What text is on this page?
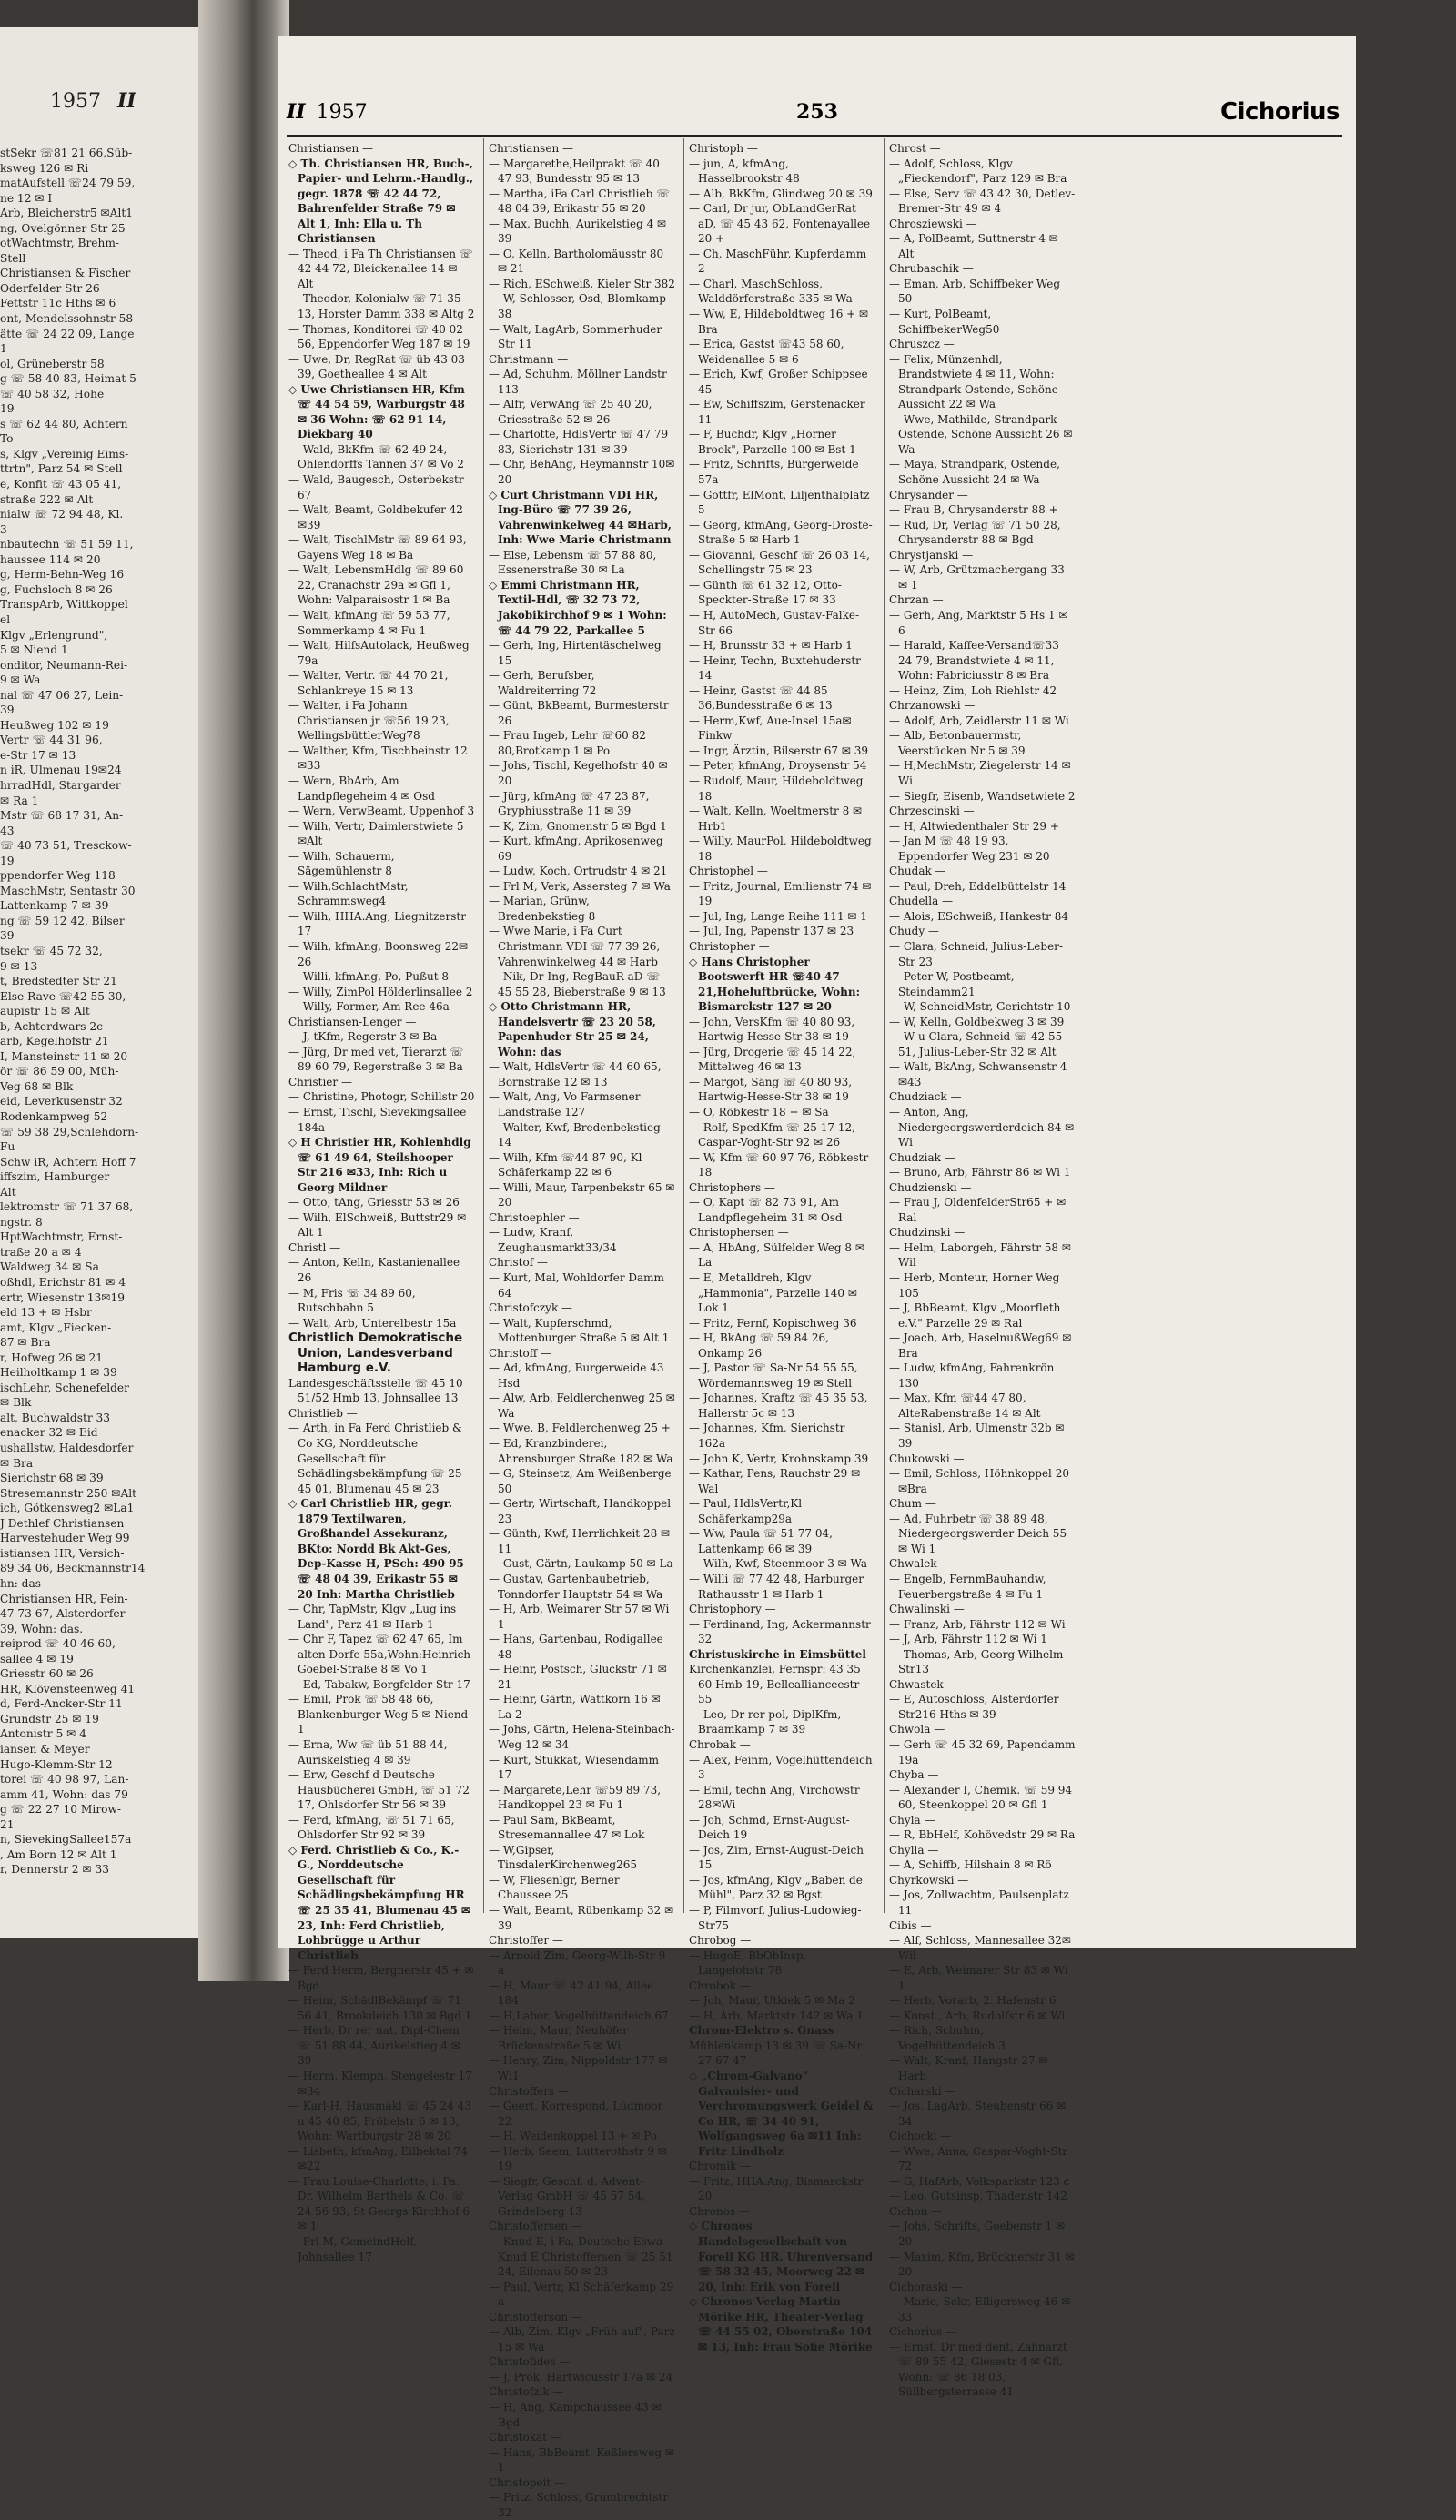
1957 II
stSekr ☏81 21 66,Süb-
ksweg 126 ✉ Ri
matAufstell ☏24 79 59,
ne 12 ✉ I
Arb, Bleicherstr5 ✉Alt1
ng, Ovelgönner Str 25
otWachtmstr, Brehm-
Stell
Christiansen & Fischer
Oderfelder Str 26
Fettstr 11c Hths ✉ 6
ont, Mendelssohnstr 58
ätte ☏ 24 22 09, Lange
1
ol, Grüneberstr 58
g ☏ 58 40 83, Heimat 5
☏ 40 58 32, Hohe
19
s ☏ 62 44 80, Achtern
To
s, Klgv „Vereinig Eims-
ttrtn", Parz 54 ✉ Stell
e, Konfit ☏ 43 05 41,
straße 222 ✉ Alt
nialw ☏ 72 94 48, Kl.
3
nbautechn ☏ 51 59 11,
haussee 114 ✉ 20
g, Herm-Behn-Weg 16
g, Fuchsloch 8 ✉ 26
TranspArb, Wittkoppel
el
Klgv „Erlengrund",
5 ✉ Niend 1
onditor, Neumann-Rei-
9 ✉ Wa
nal ☏ 47 06 27, Lein-
39
Heußweg 102 ✉ 19
Vertr ☏ 44 31 96,
e-Str 17 ✉ 13
n iR, Ulmenau 19✉24
hrradHdl, Stargarder
✉ Ra 1
Mstr ☏ 68 17 31, An-
43
☏ 40 73 51, Tresckow-
19
ppendorfer Weg 118
MaschMstr, Sentastr 30
Lattenkamp 7 ✉ 39
ng ☏ 59 12 42, Bilser
39
tsekr ☏ 45 72 32,
9 ✉ 13
t, Bredstedter Str 21
Else Rave ☏42 55 30,
aupistr 15 ✉ Alt
b, Achterdwars 2c
arb, Kegelhofstr 21
I, Mansteinstr 11 ✉ 20
ör ☏ 86 59 00, Müh-
Veg 68 ✉ Blk
eid, Leverkusenstr 32
Rodenkampweg 52
☏ 59 38 29,Schlehdorn-
Fu
Schw iR, Achtern Hoff 7
iffszim, Hamburger
Alt
lektromstr ☏ 71 37 68,
ngstr. 8
HptWachtmstr, Ernst-
traße 20 a ✉ 4
Waldweg 34 ✉ Sa
oßhdl, Erichstr 81 ✉ 4
ertr, Wiesenstr 13✉19
eld 13 + ✉ Hsbr
amt, Klgv „Fiecken-
87 ✉ Bra
r, Hofweg 26 ✉ 21
Heilholtkamp 1 ✉ 39
ischLehr, Schenefelder
✉ Blk
alt, Buchwaldstr 33
enacker 32 ✉ Eid
ushallstw, Haldesdorfer
✉ Bra
Sierichstr 68 ✉ 39
Stresemannstr 250 ✉Alt
ich, Götkensweg2 ✉La1
J Dethlef Christiansen
Harvestehuder Weg 99
istiansen HR, Versich-
89 34 06, Beckmannstr14
hn: das
Christiansen HR, Fein-
47 73 67, Alsterdorfer
39, Wohn: das.
reiprod ☏ 40 46 60,
sallee 4 ✉ 19
Griesstr 60 ✉ 26
HR, Klövensteenweg 41
d, Ferd-Ancker-Str 11
Grundstr 25 ✉ 19
Antonistr 5 ✉ 4
iansen & Meyer
Hugo-Klemm-Str 12
torei ☏ 40 98 97, Lan-
amm 41, Wohn: das 79
g ☏ 22 27 10 Mirow-
21
n, SievekingSallee157a
, Am Born 12 ✉ Alt 1
r, Dennerstr 2 ✉ 33
II 1957	253	Cichorius
Christiansen —
◇ Th. Christiansen HR, Buch-, Papier- und Lehrm.-Handlg., gegr. 1878 ☏ 42 44 72, Bahrenfelder Straße 79 ✉ Alt 1, Inh: Ella u. Th Christiansen
— Theod, i Fa Th Christiansen ☏ 42 44 72, Bleickenallee 14 ✉ Alt
— Theodor, Kolonialw ☏ 71 35 13, Horster Damm 338 ✉ Altg 2
— Thomas, Konditorei ☏ 40 02 56, Eppendorfer Weg 187 ✉ 19
— Uwe, Dr, RegRat ☏ üb 43 03 39, Goetheallee 4 ✉ Alt
◇ Uwe Christiansen HR, Kfm ☏ 44 54 59, Warburgstr 48 ✉ 36 Wohn: ☏ 62 91 14, Diekbarg 40
— Wald, BkKfm ☏ 62 49 24, Ohlendorffs Tannen 37 ✉ Vo 2
— Wald, Baugesch, Osterbekstr 67
— Walt, Beamt, Goldbekufer 42 ✉39
— Walt, TischlMstr ☏ 89 64 93, Gayens Weg 18 ✉ Ba
— Walt, LebensmHdlg ☏ 89 60 22, Cranachstr 29a ✉ Gfl 1, Wohn: Valparaisostr 1 ✉ Ba
— Walt, kfmAng ☏ 59 53 77, Sommerkamp 4 ✉ Fu 1
— Walt, HilfsAutolack, Heußweg 79a
— Walter, Vertr. ☏ 44 70 21, Schlankreye 15 ✉ 13
— Walter, i Fa Johann Christiansen jr ☏56 19 23, WellingsbüttlerWeg78
— Walther, Kfm, Tischbeinstr 12✉33
— Wern, BbArb, Am Landpflegeheim 4 ✉ Osd
— Wern, VerwBeamt, Uppenhof 3
— Wilh, Vertr, Daimlerstwiete 5 ✉Alt
— Wilh, Schauerm, Sägemühlenstr 8
— Wilh,SchlachtMstr, Schrammsweg4
— Wilh, HHA.Ang, Liegnitzerstr 17
— Wilh, kfmAng, Boonsweg 22✉26
— Willi, kfmAng, Po, Pußut 8
— Willy, ZimPol Hölderlinsallee 2
— Willy, Former, Am Ree 46a
Christiansen-Lenger —
— J, tKfm, Regerstr 3 ✉ Ba
— Jürg, Dr med vet, Tierarzt ☏ 89 60 79, Regerstraße 3 ✉ Ba
Christier —
— Christine, Photogr, Schillstr 20
— Ernst, Tischl, Sievekingsallee 184a
◇ H Christier HR, Kohlenhdlg ☏ 61 49 64, Steilshooper Str 216 ✉33, Inh: Rich u Georg Mildner
— Otto, tAng, Griesstr 53 ✉ 26
— Wilh, ElSchweiß, Buttstr29 ✉Alt 1
Christl —
— Anton, Kelln, Kastanienallee 26
— M, Fris ☏ 34 89 60, Rutschbahn 5
— Walt, Arb, Unterelbestr 15a
Christlich Demokratische Union, Landesverband Hamburg e.V.
Landesgeschäftsstelle ☏ 45 10 51/52 Hmb 13, Johnsallee 13
Christlieb —
— Arth, in Fa Ferd Christlieb & Co KG, Norddeutsche Gesellschaft für Schädlingsbekämpfung ☏ 25 45 01, Blumenau 45 ✉ 23
◇ Carl Christlieb HR, gegr. 1879 Textilwaren, Großhandel Assekuranz, BKto: Nordd Bk Akt-Ges, Dep-Kasse H, PSch: 490 95 ☏ 48 04 39, Erikastr 55 ✉ 20 Inh: Martha Christlieb
— Chr, TapMstr, Klgv „Lug ins Land", Parz 41 ✉ Harb 1
— Chr F, Tapez ☏ 62 47 65, Im alten Dorfe 55a,Wohn:Heinrich-Goebel-Straße 8 ✉ Vo 1
— Ed, Tabakw, Borgfelder Str 17
— Emil, Prok ☏ 58 48 66, Blankenburger Weg 5 ✉ Niend 1
— Erna, Ww ☏ üb 51 88 44, Auriskelstieg 4 ✉ 39
— Erw, Geschf d Deutsche Hausbücherei GmbH, ☏ 51 72 17, Ohlsdorfer Str 56 ✉ 39
— Ferd, kfmAng, ☏ 51 71 65, Ohlsdorfer Str 92 ✉ 39
◇ Ferd. Christlieb & Co., K.-G., Norddeutsche Gesellschaft für Schädlingsbekämpfung HR ☏ 25 35 41, Blumenau 45 ✉ 23, Inh: Ferd Christlieb, Lohbrügge u Arthur Christlieb
— Ferd Herm, Bergnerstr 45 + ✉Bgd
— Heinr, SchädlBekämpf ☏ 71 56 41, Brookdeich 130 ✉ Bgd 1
— Herb, Dr rer nat, Dipl-Chem ☏ 51 88 44, Aurikelstieg 4 ✉ 39
— Herm, Klempn, Stengelestr 17 ✉34
— Karl-H, Hausmakl ☏ 45 24 43 u 45 40 85, Fröbelstr 6 ✉ 13, Wohn: Wartburgstr 28 ✉ 20
— Lisbeth, kfmAng, Eilbektal 74✉22
— Frau Louise-Charlotte, i. Fa. Dr. Wilhelm Barthels & Co. ☏ 24 56 93, St Georgs Kirchhof 6 ✉ 1
— Frl M, GemeindHelf, Johnsallee 17
Christiansen —
— Margarethe,Heilprakt ☏ 40 47 93, Bundesstr 95 ✉ 13
— Martha, iFa Carl Christlieb ☏ 48 04 39, Erikastr 55 ✉ 20
— Max, Buchh, Aurikelstieg 4 ✉ 39
— O, Kelln, Bartholomäusstr 80 ✉ 21
— Rich, ESchweiß, Kieler Str 382
— W, Schlosser, Osd, Blomkamp 38
— Walt, LagArb, Sommerhuder Str 11
Christmann —
— Ad, Schuhm, Möllner Landstr 113
— Alfr, VerwAng ☏ 25 40 20, Griesstraße 52 ✉ 26
— Charlotte, HdlsVertr ☏ 47 79 83, Sierichstr 131 ✉ 39
— Chr, BehAng, Heymannstr 10✉20
◇ Curt Christmann VDI HR, Ing-Büro ☏ 77 39 26, Vahrenwinkelweg 44 ✉Harb, Inh: Wwe Marie Christmann
— Else, Lebensm ☏ 57 88 80, Essenerstraße 30 ✉ La
◇ Emmi Christmann HR, Textil-Hdl, ☏ 32 73 72, Jakobikirchhof 9 ✉ 1 Wohn: ☏ 44 79 22, Parkallee 5
— Gerh, Ing, Hirtentäschelweg 15
— Gerh, Berufsber, Waldreiterring 72
— Günt, BkBeamt, Burmesterstr 26
— Frau Ingeb, Lehr ☏60 82 80,Brotkamp 1 ✉ Po
— Johs, Tischl, Kegelhofstr 40 ✉ 20
— Jürg, kfmAng ☏ 47 23 87, Gryphiusstraße 11 ✉ 39
— K, Zim, Gnomenstr 5 ✉ Bgd 1
— Kurt, kfmAng, Aprikosenweg 69
— Ludw, Koch, Ortrudstr 4 ✉ 21
— Frl M, Verk, Assersteg 7 ✉ Wa
— Marian, Grünw, Bredenbekstieg 8
— Wwe Marie, i Fa Curt Christmann VDI ☏ 77 39 26, Vahrenwinkelweg 44 ✉ Harb
— Nik, Dr-Ing, RegBauR aD ☏ 45 55 28, Bieberstraße 9 ✉ 13
◇ Otto Christmann HR, Handelsvertr ☏ 23 20 58, Papenhuder Str 25 ✉ 24, Wohn: das
— Walt, HdlsVertr ☏ 44 60 65, Bornstraße 12 ✉ 13
— Walt, Ang, Vo Farmsener Landstraße 127
— Walter, Kwf, Bredenbekstieg 14
— Wilh, Kfm ☏44 87 90, Kl Schäferkamp 22 ✉ 6
— Willi, Maur, Tarpenbekstr 65 ✉20
Christoephler —
— Ludw, Kranf, Zeughausmarkt33/34
Christof —
— Kurt, Mal, Wohldorfer Damm 64
Christofczyk —
— Walt, Kupferschmd, Mottenburger Straße 5 ✉ Alt 1
Christoff —
— Ad, kfmAng, Burgerweide 43 Hsd
— Alw, Arb, Feldlerchenweg 25 ✉Wa
— Wwe, B, Feldlerchenweg 25 +
— Ed, Kranzbinderei, Ahrensburger Straße 182 ✉ Wa
— G, Steinsetz, Am Weißenberge 50
— Gertr, Wirtschaft, Handkoppel 23
— Günth, Kwf, Herrlichkeit 28 ✉ 11
— Gust, Gärtn, Laukamp 50 ✉ La
— Gustav, Gartenbaubetrieb, Tonndorfer Hauptstr 54 ✉ Wa
— H, Arb, Weimarer Str 57 ✉ Wi 1
— Hans, Gartenbau, Rodigallee 48
— Heinr, Postsch, Gluckstr 71 ✉ 21
— Heinr, Gärtn, Wattkorn 16 ✉ La 2
— Johs, Gärtn, Helena-Steinbach-Weg 12 ✉ 34
— Kurt, Stukkat, Wiesendamm 17
— Margarete,Lehr ☏59 89 73, Handkoppel 23 ✉ Fu 1
— Paul Sam, BkBeamt, Stresemannallee 47 ✉ Lok
— W,Gipser, TinsdalerKirchenweg265
— W, Fliesenlgr, Berner Chaussee 25
— Walt, Beamt, Rübenkamp 32 ✉ 39
Christoffer —
— Arnold Zim, Georg-Wilh-Str 9 a
— H, Maur ☏ 42 41 94, Allee 184
— H,Labor, Vogelhüttendeich 67
— Helm, Maur, Neuhöfer Brückenstraße 5 ✉ Wi
— Henry, Zim, Nippoldstr 177 ✉ Wi1
Christoffers —
— Geert, Korrespond, Lüdmoor 22
— H, Weidenkoppel 13 + ✉ Po
— Herb, Seem, Lutterothstr 9 ✉ 19
— Siegfr, Geschf. d. Advent-Verlag GmbH ☏ 45 57 54, Grindelberg 13
Christoffersen —
— Knud E, i Fa, Deutsche Eswa Knud E Christoffersen ☏ 25 51 24, Eilenau 50 ✉ 23
— Paul, Vertr, Kl Schäferkamp 29 a
Christofferson —
— Alb, Zim, Klgv „Früh auf", Parz 15 ✉ Wa
Christofides —
— J, Prok, Hartwicusstr 17a ✉ 24
Christofzik —
— H, Ang, Kampchaussee 43 ✉ Bgd
Christokat —
— Hans, BbBeamt, Keßlersweg ✉ 1
Christopeit —
— Fritz, Schloss, Grumbrechtstr 32
Christoph —
— jun, A, kfmAng, Hasselbrookstr 48
— Alb, BkKfm, Glindweg 20 ✉ 39
— Carl, Dr jur, ObLandGerRat aD, ☏ 45 43 62, Fontenayallee 20 +
— Ch, MaschFühr, Kupferdamm 2
— Charl, MaschSchloss, Walddörferstraße 335 ✉ Wa
— Ww, E, Hildeboldtweg 16 + ✉Bra
— Erica, Gastst ☏43 58 60, Weidenallee 5 ✉ 6
— Erich, Kwf, Großer Schippsee 45
— Ew, Schiffszim, Gerstenacker 11
— F, Buchdr, Klgv „Horner Brook", Parzelle 100 ✉ Bst 1
— Fritz, Schrifts, Bürgerweide 57a
— Gottfr, ElMont, Liljenthalplatz 5
— Georg, kfmAng, Georg-Droste-Straße 5 ✉ Harb 1
— Giovanni, Geschf ☏ 26 03 14, Schellingstr 75 ✉ 23
— Günth ☏ 61 32 12, Otto-Speckter-Straße 17 ✉ 33
— H, AutoMech, Gustav-Falke-Str 66
— H, Brunsstr 33 + ✉ Harb 1
— Heinr, Techn, Buxtehuderstr 14
— Heinr, Gastst ☏ 44 85 36,Bundesstraße 6 ✉ 13
— Herm,Kwf, Aue-Insel 15a✉Finkw
— Ingr, Ärztin, Bilserstr 67 ✉ 39
— Peter, kfmAng, Droysenstr 54
— Rudolf, Maur, Hildeboldtweg 18
— Walt, Kelln, Woeltmerstr 8 ✉Hrb1
— Willy, MaurPol, Hildeboldtweg 18
Christophel —
— Fritz, Journal, Emilienstr 74 ✉ 19
— Jul, Ing, Lange Reihe 111 ✉ 1
— Jul, Ing, Papenstr 137 ✉ 23
Christopher —
◇ Hans Christopher Bootswerft HR ☏40 47 21,Hoheluftbrücke, Wohn: Bismarckstr 127 ✉ 20
— John, VersKfm ☏ 40 80 93, Hartwig-Hesse-Str 38 ✉ 19
— Jürg, Drogerie ☏ 45 14 22, Mittelweg 46 ✉ 13
— Margot, Säng ☏ 40 80 93, Hartwig-Hesse-Str 38 ✉ 19
— O, Röbkestr 18 + ✉ Sa
— Rolf, SpedKfm ☏ 25 17 12, Caspar-Voght-Str 92 ✉ 26
— W, Kfm ☏ 60 97 76, Röbkestr 18
Christophers —
— O, Kapt ☏ 82 73 91, Am Landpflegeheim 31 ✉ Osd
Christophersen —
— A, HbAng, Sülfelder Weg 8 ✉ La
— E, Metalldreh, Klgv „Hammonia", Parzelle 140 ✉ Lok 1
— Fritz, Fernf, Kopischweg 36
— H, BkAng ☏ 59 84 26, Onkamp 26
— J, Pastor ☏ Sa-Nr 54 55 55, Wördemannsweg 19 ✉ Stell
— Johannes, Kraftz ☏ 45 35 53, Hallerstr 5c ✉ 13
— Johannes, Kfm, Sierichstr 162a
— John K, Vertr, Krohnskamp 39
— Kathar, Pens, Rauchstr 29 ✉ Wal
— Paul, HdlsVertr,Kl Schäferkamp29a
— Ww, Paula ☏ 51 77 04, Lattenkamp 66 ✉ 39
— Wilh, Kwf, Steenmoor 3 ✉ Wa
— Willi ☏ 77 42 48, Harburger Rathausstr 1 ✉ Harb 1
Christophory —
— Ferdinand, Ing, Ackermannstr 32
Christuskirche in Eimsbüttel
Kirchenkanzlei, Fernspr: 43 35 60 Hmb 19, Belleallianceestr 55
— Leo, Dr rer pol, DiplKfm, Braamkamp 7 ✉ 39
Chrobak —
— Alex, Feinm, Vogelhüttendeich 3
— Emil, techn Ang, Virchowstr 28✉Wi
— Joh, Schmd, Ernst-August-Deich 19
— Jos, Zim, Ernst-August-Deich 15
— Jos, kfmAng, Klgv „Baben de Mühl", Parz 32 ✉ Bgst
— P, Filmvorf, Julius-Ludowieg-Str75
Chrobog —
— HugoE, BbObInsp, Langelohstr 78
Chrobok —
— Joh, Maur, Utkiek 5 ✉ Ma 2
— H, Arb, Marktstr 142 ✉ Wa 1
Chrom-Elektro s. Gnass
Mühlenkamp 13 ✉ 39 ☏ Sa-Nr 27 67 47
◇ „Chrom-Galvano" Galvanisier- und Verchromungswerk Geidel & Co HR, ☏ 34 40 91, Wolfgangsweg 6a ✉11 Inh: Fritz Lindholz
Chromik —
— Fritz, HHA.Ang, Bismarckstr 20
Chronos —
◇ Chronos Handelsgesellschaft von Forell KG HR. Uhrenversand ☏ 58 32 45, Moorweg 22 ✉ 20, Inh: Erik von Forell
◇ Chronos Verlag Martin Mörike HR, Theater-Verlag ☏ 44 55 02, Oberstraße 104 ✉ 13, Inh: Frau Sofie Mörike
Chrost —
— Adolf, Schloss, Klgv „Fieckendorf", Parz 129 ✉ Bra
— Else, Serv ☏ 43 42 30, Detlev-Bremer-Str 49 ✉ 4
Chrosziewski —
— A, PolBeamt, Suttnerstr 4 ✉ Alt
Chrubaschik —
— Eman, Arb, Schiffbeker Weg 50
— Kurt, PolBeamt, SchiffbekerWeg50
Chruszcz —
— Felix, Münzenhdl, Brandstwiete 4 ✉ 11, Wohn: Strandpark-Ostende, Schöne Aussicht 22 ✉ Wa
— Wwe, Mathilde, Strandpark Ostende, Schöne Aussicht 26 ✉ Wa
— Maya, Strandpark, Ostende, Schöne Aussicht 24 ✉ Wa
Chrysander —
— Frau B, Chrysanderstr 88 +
— Rud, Dr, Verlag ☏ 71 50 28, Chrysanderstr 88 ✉ Bgd
Chrystjanski —
— W, Arb, Grützmachergang 33 ✉ 1
Chrzan —
— Gerh, Ang, Marktstr 5 Hs 1 ✉ 6
— Harald, Kaffee-Versand☏33 24 79, Brandstwiete 4 ✉ 11, Wohn: Fabriciusstr 8 ✉ Bra
— Heinz, Zim, Loh Riehlstr 42
Chrzanowski —
— Adolf, Arb, Zeidlerstr 11 ✉ Wi
— Alb, Betonbauermstr, Veerstücken Nr 5 ✉ 39
— H,MechMstr, Ziegelerstr 14 ✉ Wi
— Siegfr, Eisenb, Wandsetwiete 2
Chrzescinski —
— H, Altwiedenthaler Str 29 +
— Jan M ☏ 48 19 93, Eppendorfer Weg 231 ✉ 20
Chudak —
— Paul, Dreh, Eddelbüttelstr 14
Chudella —
— Alois, ESchweiß, Hankestr 84
Chudy —
— Clara, Schneid, Julius-Leber-Str 23
— Peter W, Postbeamt, Steindamm21
— W, SchneidMstr, Gerichtstr 10
— W, Kelln, Goldbekweg 3 ✉ 39
— W u Clara, Schneid ☏ 42 55 51, Julius-Leber-Str 32 ✉ Alt
— Walt, BkAng, Schwansenstr 4 ✉43
Chudziack —
— Anton, Ang, Niedergeorgswerderdeich 84 ✉ Wi
Chudziak —
— Bruno, Arb, Fährstr 86 ✉ Wi 1
Chudzienski —
— Frau J, OldenfelderStr65 + ✉Ral
Chudzinski —
— Helm, Laborgeh, Fährstr 58 ✉Wil
— Herb, Monteur, Horner Weg 105
— J, BbBeamt, Klgv „Moorfleth e.V." Parzelle 29 ✉ Ral
— Joach, Arb, HaselnußWeg69 ✉Bra
— Ludw, kfmAng, Fahrenkrön 130
— Max, Kfm ☏44 47 80, AlteRabenstraße 14 ✉ Alt
— Stanisl, Arb, Ulmenstr 32b ✉ 39
Chukowski —
— Emil, Schloss, Höhnkoppel 20 ✉Bra
Chum —
— Ad, Fuhrbetr ☏ 38 89 48, Niedergeorgswerder Deich 55 ✉ Wi 1
Chwalek —
— Engelb, FernmBauhandw, Feuerbergstraße 4 ✉ Fu 1
Chwalinski —
— Franz, Arb, Fährstr 112 ✉ Wi
— J, Arb, Fährstr 112 ✉ Wi 1
— Thomas, Arb, Georg-Wilhelm-Str13
Chwastek —
— E, Autoschloss, Alsterdorfer Str216 Hths ✉ 39
Chwola —
— Gerh ☏ 45 32 69, Papendamm 19a
Chyba —
— Alexander I, Chemik. ☏ 59 94 60, Steenkoppel 20 ✉ Gfl 1
Chyla —
— R, BbHelf, Kohövedstr 29 ✉ Ra
Chylla —
— A, Schiffb, Hilshain 8 ✉ Rö
Chyrkowski —
— Jos, Zollwachtm, Paulsenplatz 11
Cibis —
— Alf, Schloss, Mannesallee 32✉Wil
— E, Arb, Weimarer Str 83 ✉ Wi 1
— Herb, Vorarb, 2. Hafenstr 6
— Konst., Arb, Rudolfstr 6 ✉ Wi
— Rich, Schuhm, Vogelhüttendeich 3
— Walt, Kranf, Hangstr 27 ✉ Harb
Cicharski —
— Jos, LagArb, Steubenstr 66 ✉ 34
Cichocki —
— Wwe, Anna, Caspar-Voght-Str 72
— G, HafArb, Volksparkstr 123 c
— Leo, Gutsinsp, Thadenstr 142
Cichon —
— Johs, Schrifts, Goebenstr 1 ✉ 20
— Maxim, Kfm, Brücknerstr 31 ✉ 20
Cichoraski —
— Marie, Sekr, Elligersweg 46 ✉ 33
Cichorius —
— Ernst, Dr med dent, Zahnarzt ☏ 89 55 42, Giesestr 4 ✉ Gfl, Wohn: ☏ 86 18 03, Süllbergsterrasse 41
